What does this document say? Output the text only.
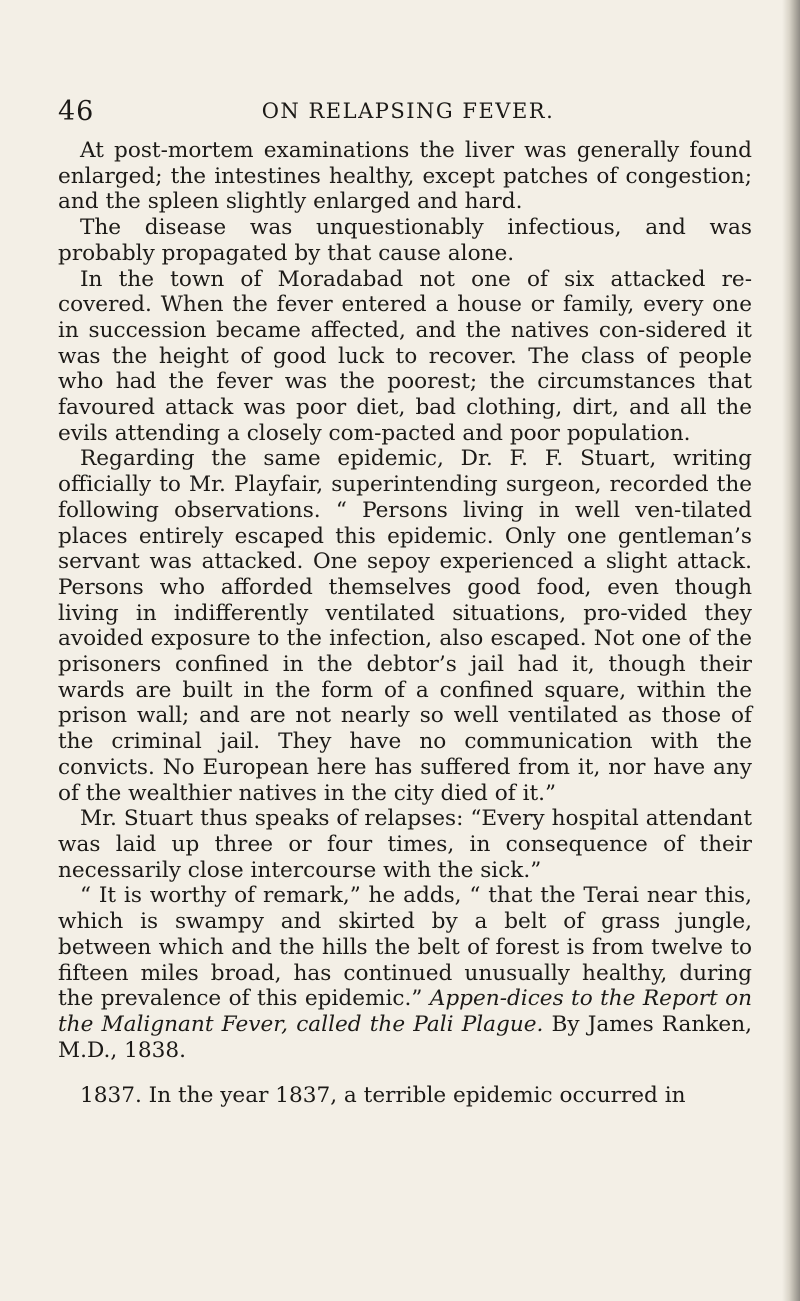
46	ON RELAPSING FEVER.

At post-mortem examinations the liver was generally found enlarged; the intestines healthy, except patches of congestion; and the spleen slightly enlarged and hard.

The disease was unquestionably infectious, and was probably propagated by that cause alone.

In the town of Moradabad not one of six attacked re-covered. When the fever entered a house or family, every one in succession became affected, and the natives con-sidered it was the height of good luck to recover. The class of people who had the fever was the poorest; the circumstances that favoured attack was poor diet, bad clothing, dirt, and all the evils attending a closely com-pacted and poor population.

Regarding the same epidemic, Dr. F. F. Stuart, writing officially to Mr. Playfair, superintending surgeon, recorded the following observations. “ Persons living in well ven-tilated places entirely escaped this epidemic. Only one gentleman’s servant was attacked. One sepoy experienced a slight attack. Persons who afforded themselves good food, even though living in indifferently ventilated situations, pro-vided they avoided exposure to the infection, also escaped. Not one of the prisoners confined in the debtor’s jail had it, though their wards are built in the form of a confined square, within the prison wall; and are not nearly so well ventilated as those of the criminal jail. They have no communication with the convicts. No European here has suffered from it, nor have any of the wealthier natives in the city died of it.”

Mr. Stuart thus speaks of relapses: “Every hospital attendant was laid up three or four times, in consequence of their necessarily close intercourse with the sick.”

“ It is worthy of remark,” he adds, “ that the Terai near this, which is swampy and skirted by a belt of grass jungle, between which and the hills the belt of forest is from twelve to fifteen miles broad, has continued unusually healthy, during the prevalence of this epidemic.” Appen-dices to the Report on the Malignant Fever, called the Pali Plague. By James Ranken, M.D., 1838.

1837. In the year 1837, a terrible epidemic occurred in
